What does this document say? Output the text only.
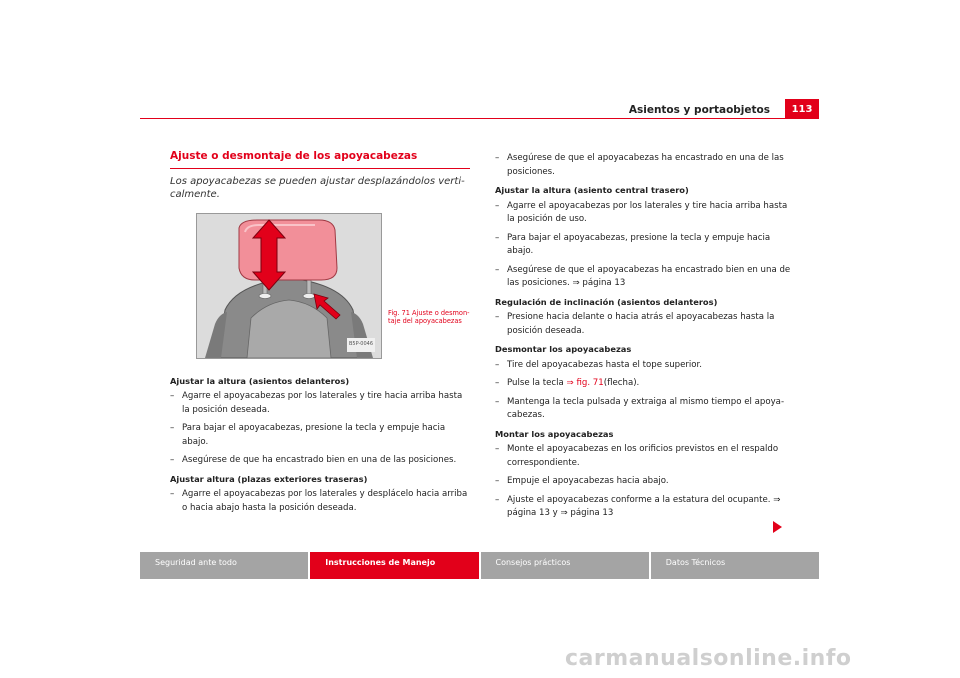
Asientos y portaobjetos	113
Ajuste o desmontaje de los apoyacabezas
Los apoyacabezas se pueden ajustar desplazándolos verti-calmente.
B5P-0046
Fig. 71 Ajuste o desmon-taje del apoyacabezas
Ajustar la altura (asientos delanteros)
– Agarre el apoyacabezas por los laterales y tire hacia arriba hasta la posición deseada.
– Para bajar el apoyacabezas, presione la tecla y empuje hacia abajo.
– Asegúrese de que ha encastrado bien en una de las posiciones.
Ajustar altura (plazas exteriores traseras)
– Agarre el apoyacabezas por los laterales y desplácelo hacia arriba o hacia abajo hasta la posición deseada.
– Asegúrese de que el apoyacabezas ha encastrado en una de las posiciones.
Ajustar la altura (asiento central trasero)
– Agarre el apoyacabezas por los laterales y tire hacia arriba hasta la posición de uso.
– Para bajar el apoyacabezas, presione la tecla y empuje hacia abajo.
– Asegúrese de que el apoyacabezas ha encastrado bien en una de las posiciones. ⇒ página 13
Regulación de inclinación (asientos delanteros)
– Presione hacia delante o hacia atrás el apoyacabezas hasta la posición deseada.
Desmontar los apoyacabezas
– Tire del apoyacabezas hasta el tope superior.
– Pulse la tecla ⇒ fig. 71(flecha).
– Mantenga la tecla pulsada y extraiga al mismo tiempo el apoya-cabezas.
Montar los apoyacabezas
– Monte el apoyacabezas en los orificios previstos en el respaldo correspondiente.
– Empuje el apoyacabezas hacia abajo.
– Ajuste el apoyacabezas conforme a la estatura del ocupante. ⇒ página 13 y ⇒ página 13
Seguridad ante todo	Instrucciones de Manejo	Consejos prácticos	Datos Técnicos
carmanualsonline.info
